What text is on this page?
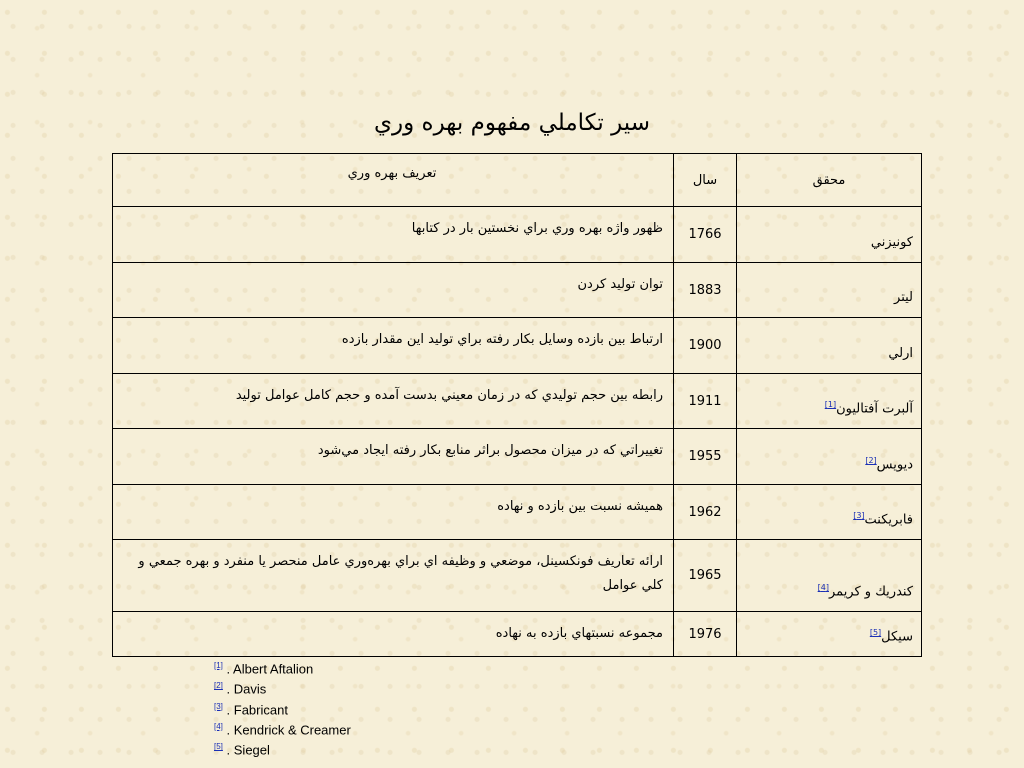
سير تكاملي مفهوم بهره وري
محقق	سال	تعريف بهره وري
كونيزني	1766	ظهور واژه بهره وري براي نخستين بار در كتابها
ليتر	1883	توان توليد كردن
ارلي	1900	ارتباط بين بازده وسايل بكار رفته براي توليد اين مقدار بازده
آلبرت آفتاليون[1]	1911	رابطه بين حجم توليدي كه در زمان معيني بدست آمده و حجم كامل عوامل توليد
ديويس[2]	1955	تغييراتي كه در ميزان محصول براثر منابع بكار رفته ايجاد مي‌شود
فابريكنت[3]	1962	هميشه نسبت بين بازده و نهاده
كندريك و كريمر[4]	1965	ارائه تعاريف فونكسينل، موضعي و وظيفه اي براي بهره‌وري عامل منحصر يا منفرد و بهره جمعي و كلي عوامل
سيكل[5]	1976	مجموعه نسبتهاي بازده به نهاده
[1] . Albert Aftalion
[2] . Davis
[3] . Fabricant
[4] . Kendrick & Creamer
[5] . Siegel
